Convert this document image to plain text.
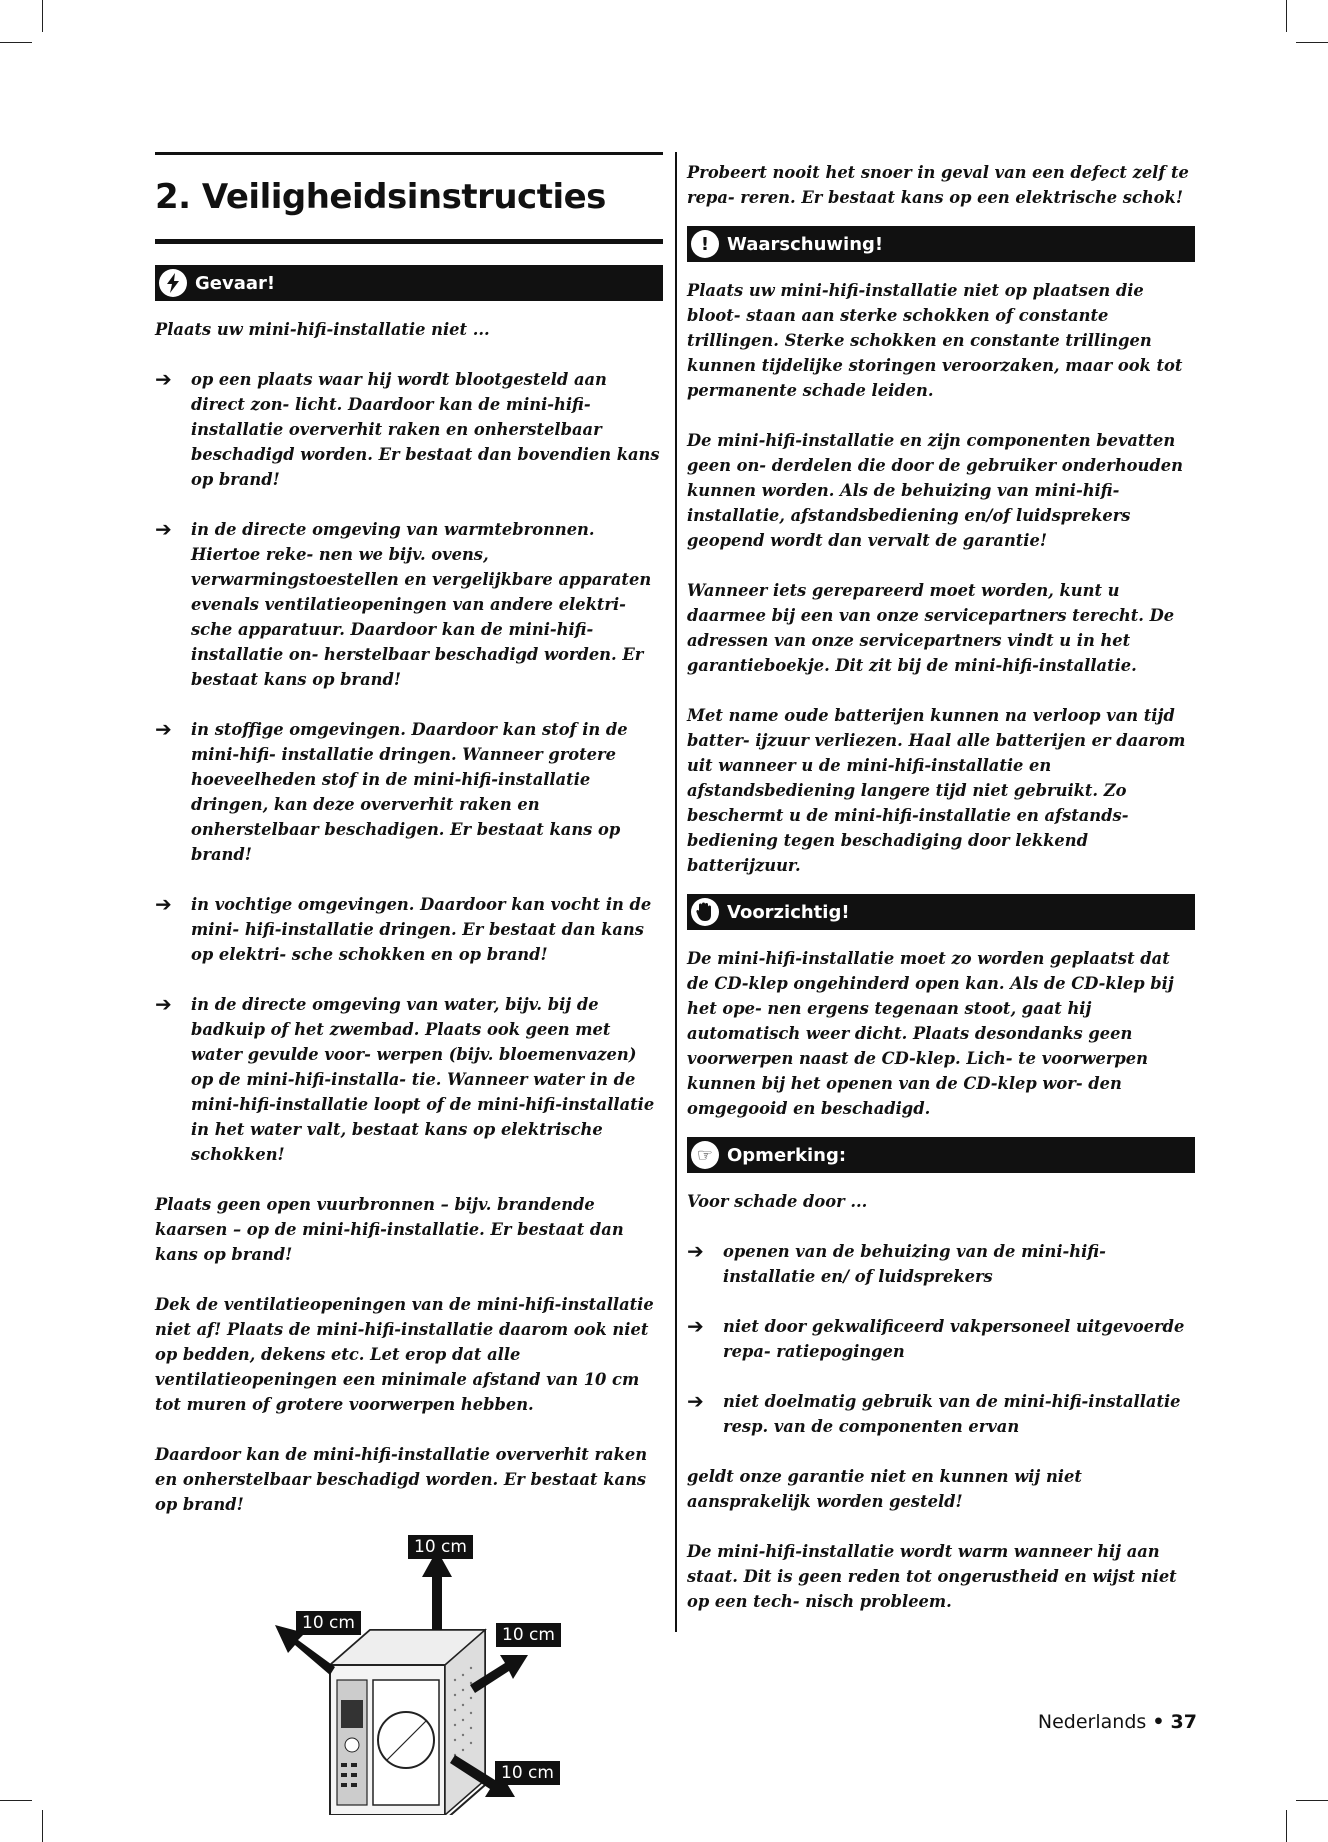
2. Veiligheidsinstructies
Gevaar!

Plaats uw mini-hifi-installatie niet ...

➔	op een plaats waar hij wordt blootgesteld aan direct zon- licht. Daardoor kan de mini-hifi-installatie oververhit raken en onherstelbaar beschadigd worden. Er bestaat dan bovendien kans op brand!

➔	in de directe omgeving van warmtebronnen. Hiertoe reke- nen we bijv. ovens, verwarmingstoestellen en vergelijkbare apparaten evenals ventilatieopeningen van andere elektri- sche apparatuur. Daardoor kan de mini-hifi-installatie on- herstelbaar beschadigd worden. Er bestaat kans op brand!

➔	in stoffige omgevingen. Daardoor kan stof in de mini-hifi- installatie dringen. Wanneer grotere hoeveelheden stof in de mini-hifi-installatie dringen, kan deze oververhit raken en onherstelbaar beschadigen. Er bestaat kans op brand!

➔	in vochtige omgevingen. Daardoor kan vocht in de mini- hifi-installatie dringen. Er bestaat dan kans op elektri- sche schokken en op brand!

➔	in de directe omgeving van water, bijv. bij de badkuip of het zwembad. Plaats ook geen met water gevulde voor- werpen (bijv. bloemenvazen) op de mini-hifi-installa- tie. Wanneer water in de mini-hifi-installatie loopt of de mini-hifi-installatie in het water valt, bestaat kans op elektrische schokken!

Plaats geen open vuurbronnen – bijv. brandende kaarsen – op de mini-hifi-installatie. Er bestaat dan kans op brand!

Dek de ventilatieopeningen van de mini-hifi-installatie niet af! Plaats de mini-hifi-installatie daarom ook niet op bedden, dekens etc. Let erop dat alle ventilatieopeningen een minimale afstand van 10 cm tot muren of grotere voorwerpen hebben.

Daardoor kan de mini-hifi-installatie oververhit raken en onherstelbaar beschadigd worden. Er bestaat kans op brand!

10 cm
10 cm
10 cm
10 cm

Probeert nooit het snoer in geval van een defect zelf te repa- reren. Er bestaat kans op een elektrische schok!

! Waarschuwing!

Plaats uw mini-hifi-installatie niet op plaatsen die bloot- staan aan sterke schokken of constante trillingen. Sterke schokken en constante trillingen kunnen tijdelijke storingen veroorzaken, maar ook tot permanente schade leiden.

De mini-hifi-installatie en zijn componenten bevatten geen on- derdelen die door de gebruiker onderhouden kunnen worden. Als de behuizing van mini-hifi-installatie, afstandsbediening en/of luidsprekers geopend wordt dan vervalt de garantie!

Wanneer iets gerepareerd moet worden, kunt u daarmee bij een van onze servicepartners terecht. De adressen van onze servicepartners vindt u in het garantieboekje. Dit zit bij de mini-hifi-installatie.

Met name oude batterijen kunnen na verloop van tijd batter- ijzuur verliezen. Haal alle batterijen er daarom uit wanneer u de mini-hifi-installatie en afstandsbediening langere tijd niet gebruikt. Zo beschermt u de mini-hifi-installatie en afstands- bediening tegen beschadiging door lekkend batterijzuur.

Voorzichtig!

De mini-hifi-installatie moet zo worden geplaatst dat de CD-klep ongehinderd open kan. Als de CD-klep bij het ope- nen ergens tegenaan stoot, gaat hij automatisch weer dicht. Plaats desondanks geen voorwerpen naast de CD-klep. Lich- te voorwerpen kunnen bij het openen van de CD-klep wor- den omgegooid en beschadigd.

☞ Opmerking:

Voor schade door ...

➔	openen van de behuizing van de mini-hifi-installatie en/ of luidsprekers

➔	niet door gekwalificeerd vakpersoneel uitgevoerde repa- ratiepogingen

➔	niet doelmatig gebruik van de mini-hifi-installatie resp. van de componenten ervan

geldt onze garantie niet en kunnen wij niet aansprakelijk worden gesteld!

De mini-hifi-installatie wordt warm wanneer hij aan staat. Dit is geen reden tot ongerustheid en wijst niet op een tech- nisch probleem.

Nederlands • 37
